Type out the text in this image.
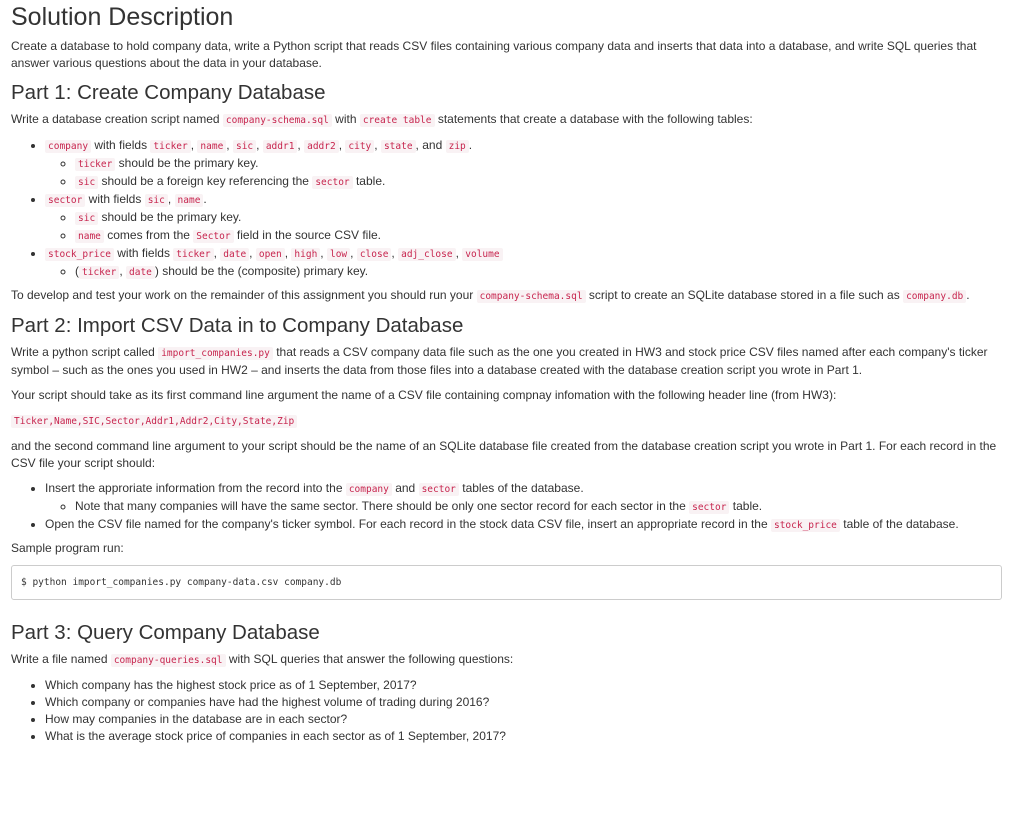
Solution Description

Create a database to hold company data, write a Python script that reads CSV files containing various company data and inserts that data into a database, and write SQL queries that answer various questions about the data in your database.

Part 1: Create Company Database

Write a database creation script named company-schema.sql with create table statements that create a database with the following tables:

• company with fields ticker , name , sic , addr1 , addr2 , city , state , and zip .
◦ ticker should be the primary key.
◦ sic should be a foreign key referencing the sector table.
• sector with fields sic , name .
◦ sic should be the primary key.
◦ name comes from the Sector field in the source CSV file.
• stock_price with fields ticker , date , open , high , low , close , adj_close , volume
◦ ( ticker , date ) should be the (composite) primary key.

To develop and test your work on the remainder of this assignment you should run your company-schema.sql script to create an SQLite database stored in a file such as company.db .

Part 2: Import CSV Data in to Company Database

Write a python script called import_companies.py that reads a CSV company data file such as the one you created in HW3 and stock price CSV files named after each company's ticker symbol – such as the ones you used in HW2 – and inserts the data from those files into a database created with the database creation script you wrote in Part 1.

Your script should take as its first command line argument the name of a CSV file containing compnay infomation with the following header line (from HW3):

Ticker,Name,SIC,Sector,Addr1,Addr2,City,State,Zip

and the second command line argument to your script should be the name of an SQLite database file created from the database creation script you wrote in Part 1. For each record in the CSV file your script should:

• Insert the approriate information from the record into the company and sector tables of the database.
◦ Note that many companies will have the same sector. There should be only one sector record for each sector in the sector table.
• Open the CSV file named for the company's ticker symbol. For each record in the stock data CSV file, insert an appropriate record in the stock_price table of the database.

Sample program run:

$ python import_companies.py company-data.csv company.db
Part 3: Query Company Database

Write a file named company-queries.sql with SQL queries that answer the following questions:

• Which company has the highest stock price as of 1 September, 2017?
• Which company or companies have had the highest volume of trading during 2016?
• How may companies in the database are in each sector?
• What is the average stock price of companies in each sector as of 1 September, 2017?
